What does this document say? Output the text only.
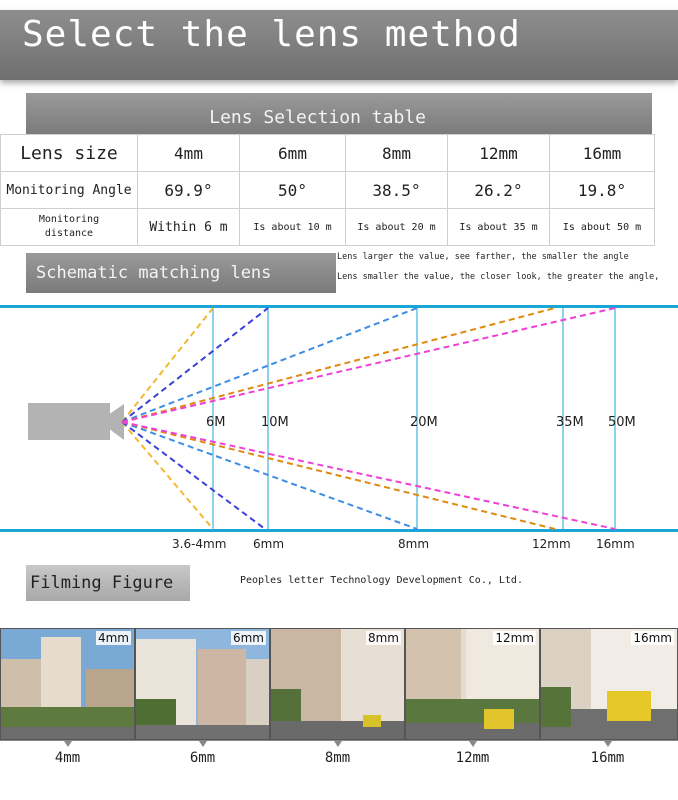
Select the lens method
Lens Selection table
Lens size	4mm	6mm	8mm	12mm	16mm
Monitoring Angle	69.9°	50°	38.5°	26.2°	19.8°

Monitoring
distance	Within 6 m	Is about 10 m	Is about 20 m	Is about 35 m	Is about 50 m
Schematic matching lens
Lens larger the value, see farther, the smaller the angle
Lens smaller the value, the closer look, the greater the angle,
6M	10M	20M	35M 50M
3.6-4mm 6mm	8mm	12mm 16mm
Filming Figure	Peoples letter Technology Development Co., Ltd.
4mm	6mm	8mm	12mm	16mm
4mm	6mm	8mm	12mm	16mm
